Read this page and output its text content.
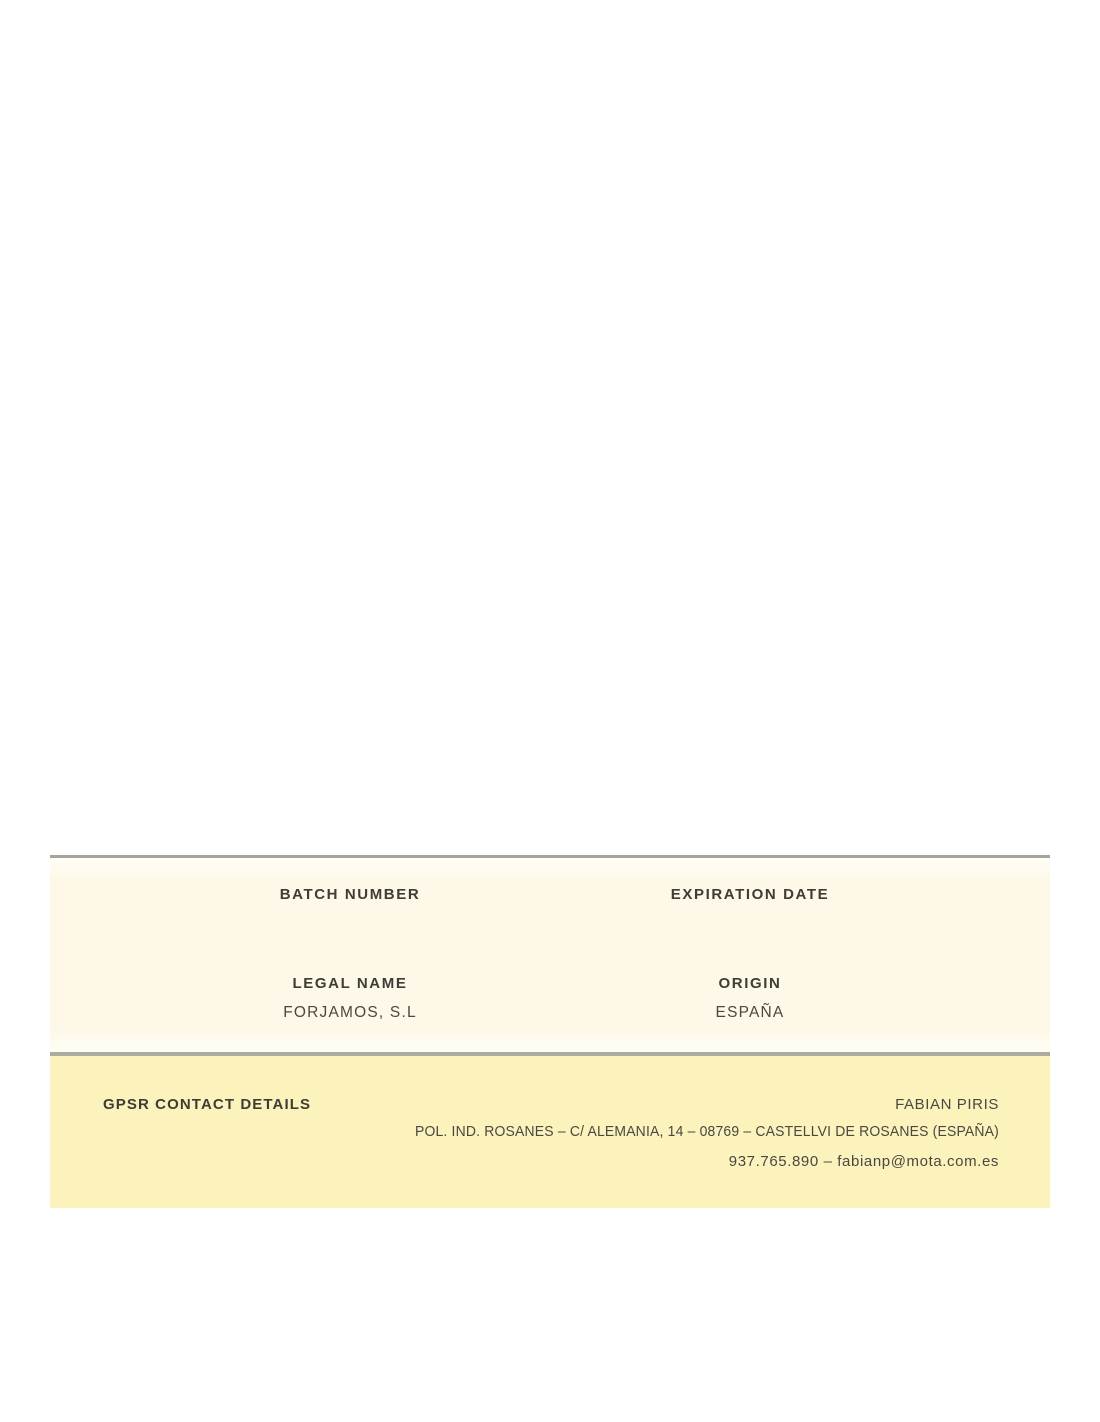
BATCH NUMBER	EXPIRATION DATE
LEGAL NAME
FORJAMOS, S.L
ORIGIN
ESPAÑA
GPSR CONTACT DETAILS	FABIAN PIRIS
POL. IND. ROSANES – C/ ALEMANIA, 14 – 08769 – CASTELLVI DE ROSANES (ESPAÑA)
937.765.890 – fabianp@mota.com.es
